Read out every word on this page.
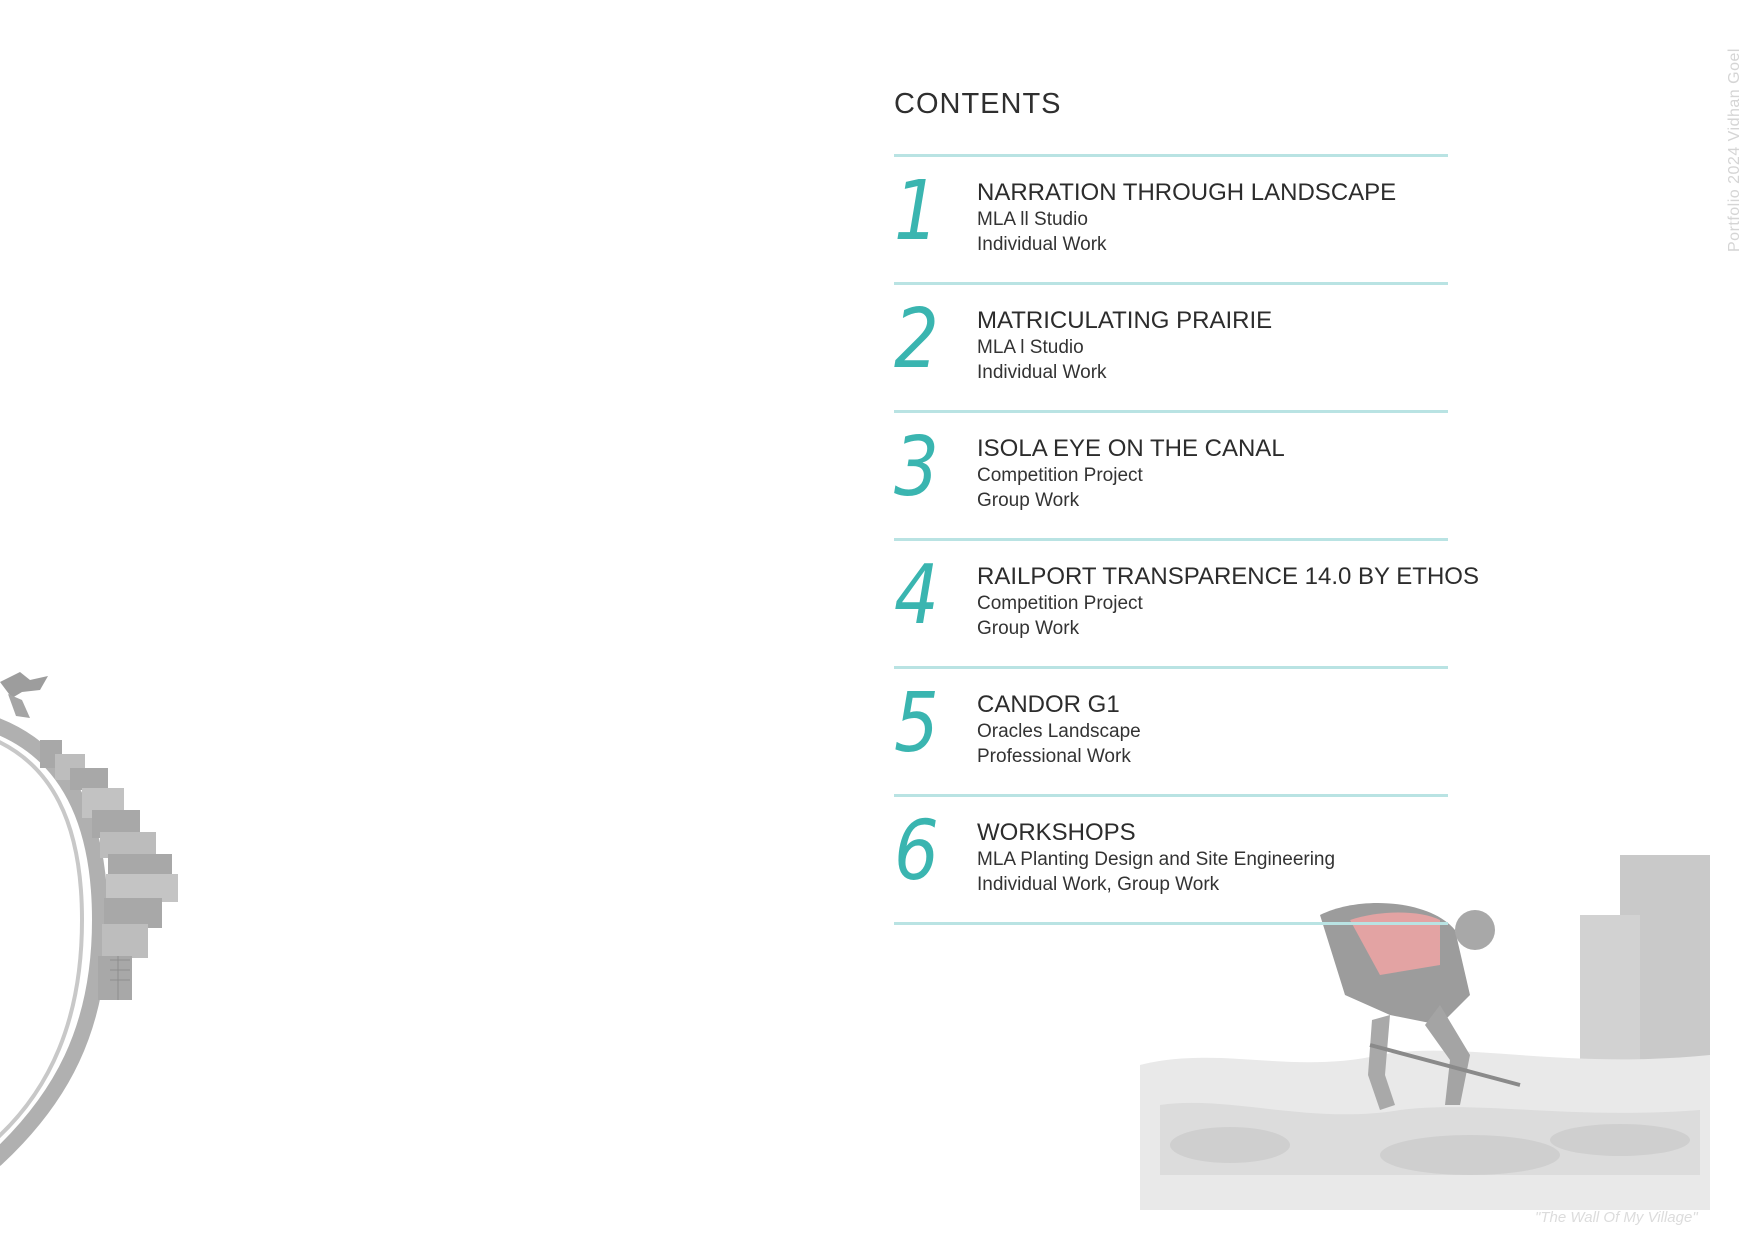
Portfolio 2024 Vidhan Goel
"The Wall Of My Village"
CONTENTS
1 NARRATION THROUGH LANDSCAPE
MLA ll Studio
Individual Work
2 MATRICULATING PRAIRIE
MLA l Studio
Individual Work
3 ISOLA EYE ON THE CANAL
Competition Project
Group Work
4 RAILPORT TRANSPARENCE 14.0 BY ETHOS
Competition Project
Group Work
5 CANDOR G1
Oracles Landscape
Professional Work
6 WORKSHOPS
MLA Planting Design and Site Engineering
Individual Work, Group Work
